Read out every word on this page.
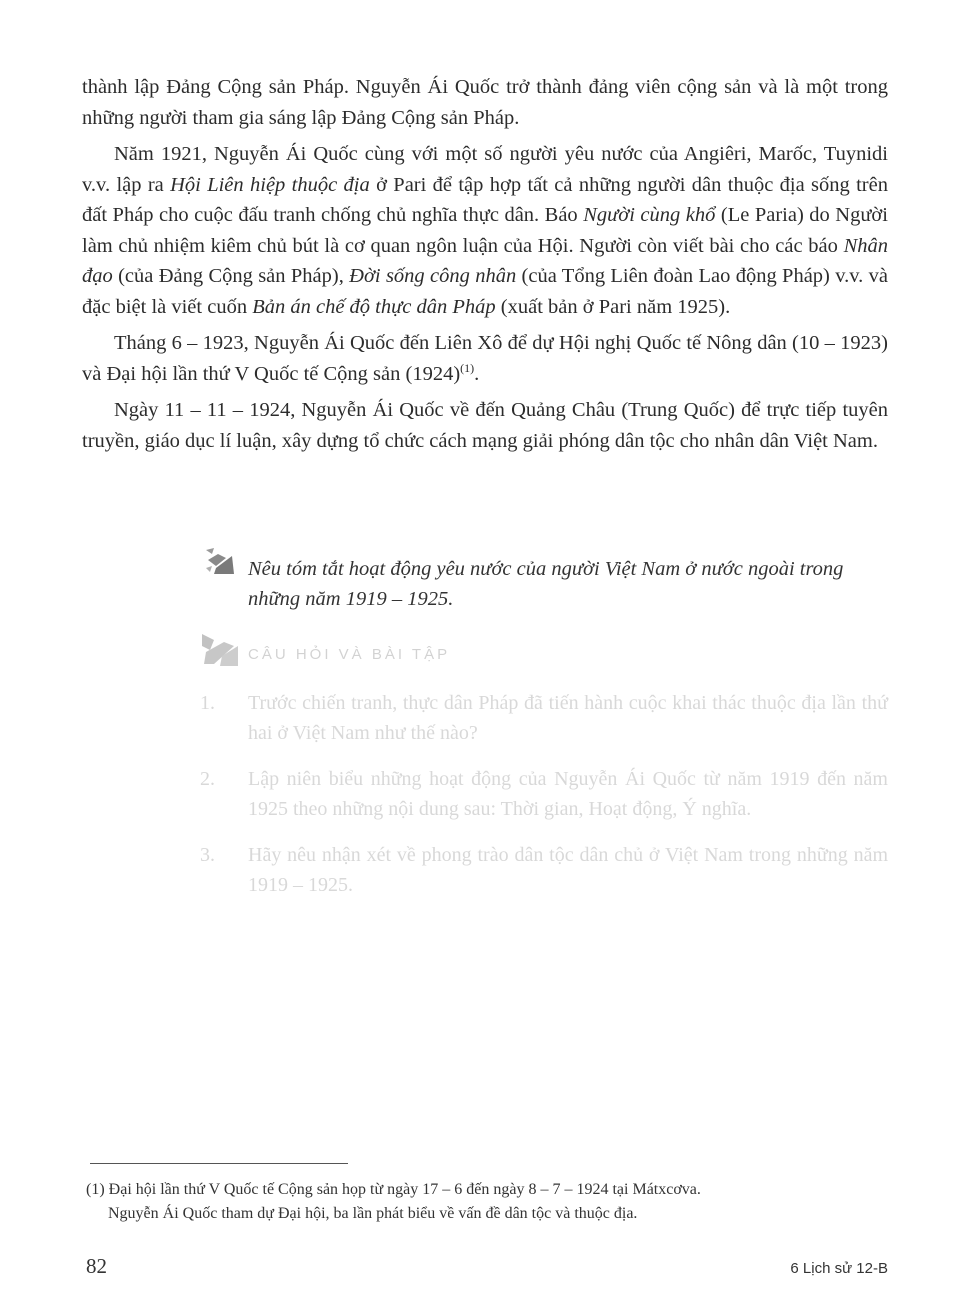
thành lập Đảng Cộng sản Pháp. Nguyễn Ái Quốc trở thành đảng viên cộng sản và là một trong những người tham gia sáng lập Đảng Cộng sản Pháp.

Năm 1921, Nguyễn Ái Quốc cùng với một số người yêu nước của Angiêri, Marốc, Tuynidi v.v. lập ra Hội Liên hiệp thuộc địa ở Pari để tập hợp tất cả những người dân thuộc địa sống trên đất Pháp cho cuộc đấu tranh chống chủ nghĩa thực dân. Báo Người cùng khổ (Le Paria) do Người làm chủ nhiệm kiêm chủ bút là cơ quan ngôn luận của Hội. Người còn viết bài cho các báo Nhân đạo (của Đảng Cộng sản Pháp), Đời sống công nhân (của Tổng Liên đoàn Lao động Pháp) v.v. và đặc biệt là viết cuốn Bản án chế độ thực dân Pháp (xuất bản ở Pari năm 1925).

Tháng 6 – 1923, Nguyễn Ái Quốc đến Liên Xô để dự Hội nghị Quốc tế Nông dân (10 – 1923) và Đại hội lần thứ V Quốc tế Cộng sản $(1924)^{(1)}$.

Ngày 11 – 11 – 1924, Nguyễn Ái Quốc về đến Quảng Châu (Trung Quốc) để trực tiếp tuyên truyền, giáo dục lí luận, xây dựng tổ chức cách mạng giải phóng dân tộc cho nhân dân Việt Nam.

Nêu tóm tắt hoạt động yêu nước của người Việt Nam ở nước ngoài trong những năm 1919 – 1925.
CÂU HỎI VÀ BÀI TẬP
1.	Trước chiến tranh, thực dân Pháp đã tiến hành cuộc khai thác thuộc địa lần thứ hai ở Việt Nam như thế nào?
2.	Lập niên biểu những hoạt động của Nguyễn Ái Quốc từ năm 1919 đến năm 1925 theo những nội dung sau: Thời gian, Hoạt động, Ý nghĩa.
3.	Hãy nêu nhận xét về phong trào dân tộc dân chủ ở Việt Nam trong những năm 1919 – 1925.
(1) Đại hội lần thứ V Quốc tế Cộng sản họp từ ngày 17 – 6 đến ngày 8 – 7 – 1924 tại Mátxcơva.
Nguyễn Ái Quốc tham dự Đại hội, ba lần phát biểu về vấn đề dân tộc và thuộc địa.
82	6 Lịch sử 12-B
